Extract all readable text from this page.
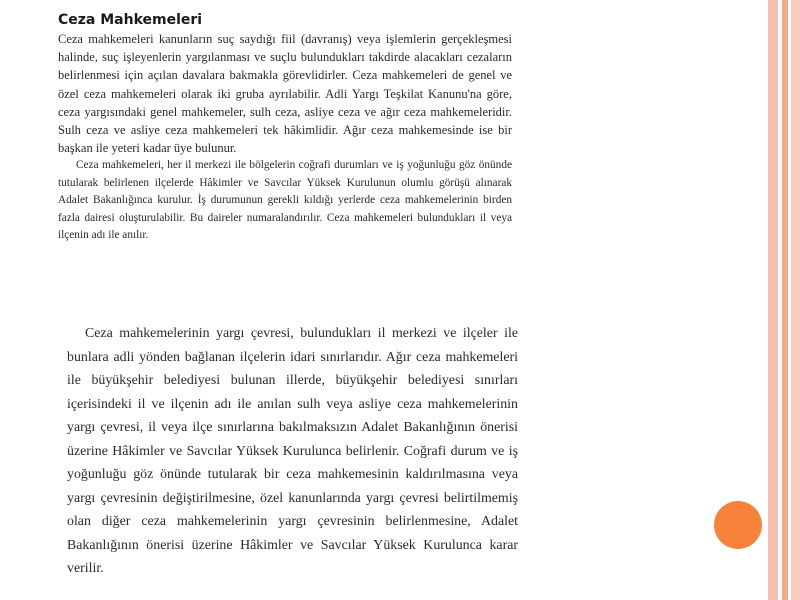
Ceza Mahkemeleri

Ceza mahkemeleri kanunların suç saydığı fiil (davranış) veya işlemlerin gerçekleşmesi halinde, suç işleyenlerin yargılanması ve suçlu bulundukları takdirde alacakları cezaların belirlenmesi için açılan davalara bakmakla görevlidirler. Ceza mahkemeleri de genel ve özel ceza mahkemeleri olarak iki gruba ayrılabilir. Adli Yargı Teşkilat Kanunu'na göre, ceza yargısındaki genel mahkemeler, sulh ceza, asliye ceza ve ağır ceza mahkemeleridir. Sulh ceza ve asliye ceza mahkemeleri tek hâkimlidir. Ağır ceza mahkemesinde ise bir başkan ile yeteri kadar üye bulunur.

Ceza mahkemeleri, her il merkezi ile bölgelerin coğrafi durumları ve iş yoğunluğu göz önünde tutularak belirlenen ilçelerde Hâkimler ve Savcılar Yüksek Kurulunun olumlu görüşü alınarak Adalet Bakanlığınca kurulur. İş durumunun gerekli kıldığı yerlerde ceza mahkemelerinin birden fazla dairesi oluşturulabilir. Bu daireler numaralandırılır. Ceza mahkemeleri bulundukları il veya ilçenin adı ile anılır.

Ceza mahkemelerinin yargı çevresi, bulundukları il merkezi ve ilçeler ile bunlara adli yönden bağlanan ilçelerin idari sınırlarıdır. Ağır ceza mahkemeleri ile büyükşehir belediyesi bulunan illerde, büyükşehir belediyesi sınırları içerisindeki il ve ilçenin adı ile anılan sulh veya asliye ceza mahkemelerinin yargı çevresi, il veya ilçe sınırlarına bakılmaksızın Adalet Bakanlığının önerisi üzerine Hâkimler ve Savcılar Yüksek Kurulunca belirlenir. Coğrafi durum ve iş yoğunluğu göz önünde tutularak bir ceza mahkemesinin kaldırılmasına veya yargı çevresinin değiştirilmesine, özel kanunlarında yargı çevresi belirtilmemiş olan diğer ceza mahkemelerinin yargı çevresinin belirlenmesine, Adalet Bakanlığının önerisi üzerine Hâkimler ve Savcılar Yüksek Kurulunca karar verilir.
